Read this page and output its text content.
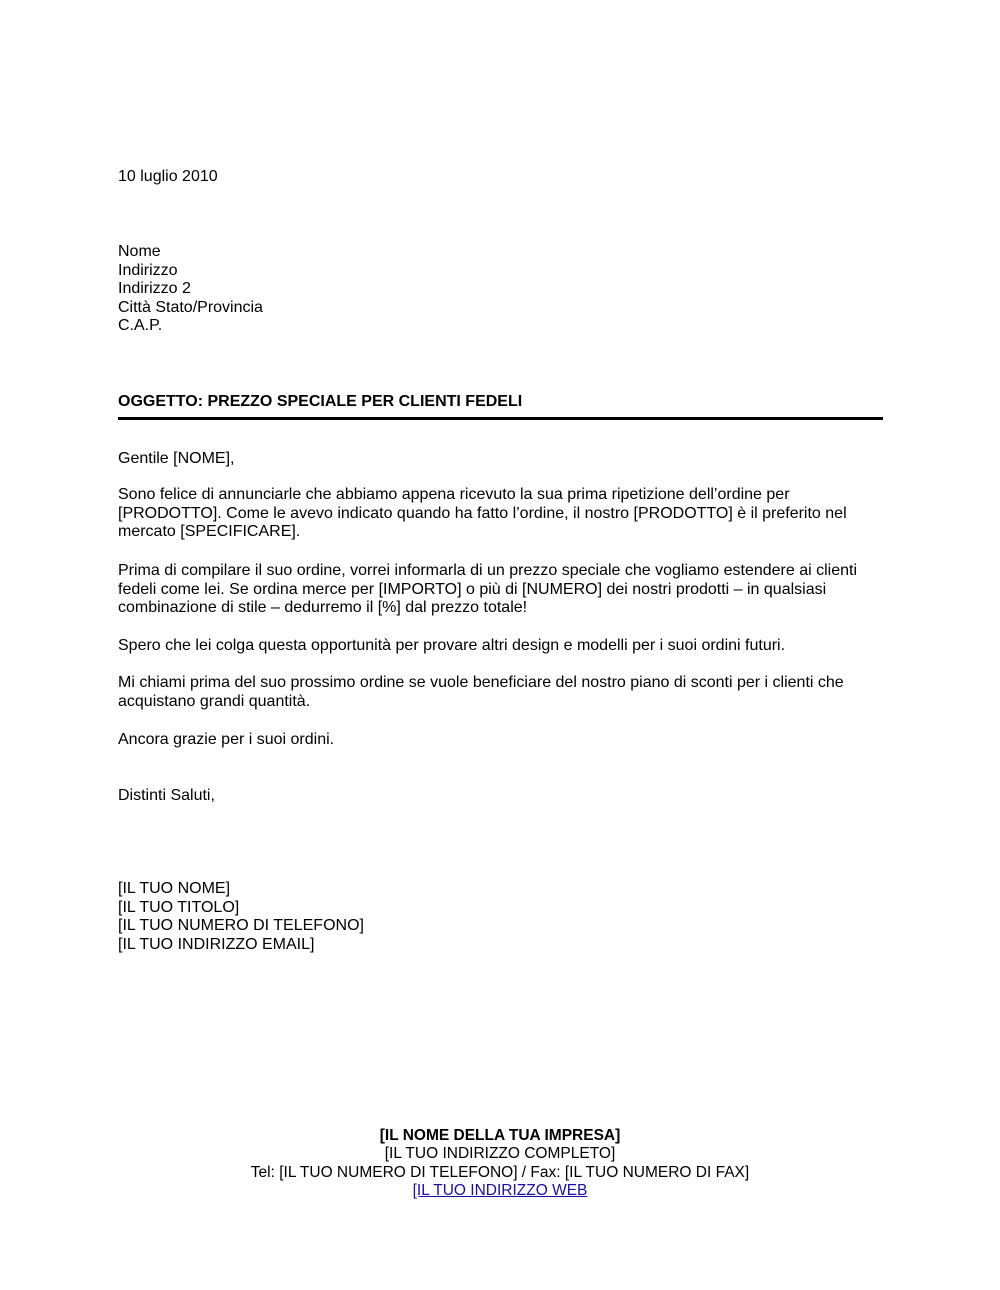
10 luglio 2010
Nome
Indirizzo
Indirizzo 2
Città Stato/Provincia
C.A.P.
OGGETTO: PREZZO SPECIALE PER CLIENTI FEDELI
Gentile [NOME],
Sono felice di annunciarle che abbiamo appena ricevuto la sua prima ripetizione dell’ordine per [PRODOTTO]. Come le avevo indicato quando ha fatto l’ordine, il nostro [PRODOTTO] è il preferito nel mercato [SPECIFICARE].
Prima di compilare il suo ordine, vorrei informarla di un prezzo speciale che vogliamo estendere ai clienti fedeli come lei. Se ordina merce per [IMPORTO] o più di [NUMERO] dei nostri prodotti – in qualsiasi combinazione di stile – dedurremo il [%] dal prezzo totale!
Spero che lei colga questa opportunità per provare altri design e modelli per i suoi ordini futuri.
Mi chiami prima del suo prossimo ordine se vuole beneficiare del nostro piano di sconti per i clienti che acquistano grandi quantità.
Ancora grazie per i suoi ordini.
Distinti Saluti,
[IL TUO NOME]
[IL TUO TITOLO]
[IL TUO NUMERO DI TELEFONO]
[IL TUO INDIRIZZO EMAIL]
[IL NOME DELLA TUA IMPRESA]
[IL TUO INDIRIZZO COMPLETO]
Tel: [IL TUO NUMERO DI TELEFONO] / Fax: [IL TUO NUMERO DI FAX]
[IL TUO INDIRIZZO WEB
